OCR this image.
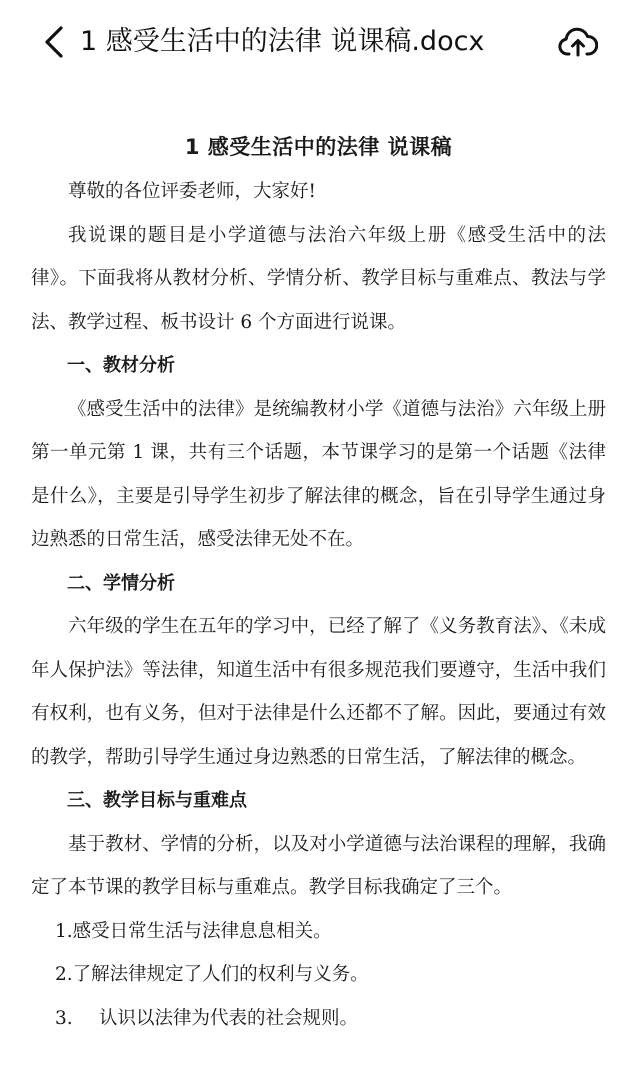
1 感受生活中的法律 说课稿.docx
1 感受生活中的法律 说课稿

尊敬的各位评委老师，大家好!

我说课的题目是小学道德与法治六年级上册《感受生活中的法律》。下面我将从教材分析、学情分析、教学目标与重难点、教法与学法、教学过程、板书设计 6 个方面进行说课。

一、教材分析

《感受生活中的法律》是统编教材小学《道德与法治》六年级上册第一单元第 1 课，共有三个话题，本节课学习的是第一个话题《法律是什么》，主要是引导学生初步了解法律的概念，旨在引导学生通过身边熟悉的日常生活，感受法律无处不在。

二、学情分析

六年级的学生在五年的学习中，已经了解了《义务教育法》、《未成年人保护法》等法律，知道生活中有很多规范我们要遵守，生活中我们有权利，也有义务，但对于法律是什么还都不了解。因此，要通过有效的教学，帮助引导学生通过身边熟悉的日常生活，了解法律的概念。

三、教学目标与重难点

基于教材、学情的分析，以及对小学道德与法治课程的理解，我确定了本节课的教学目标与重难点。教学目标我确定了三个。

1.感受日常生活与法律息息相关。

2.了解法律规定了人们的权利与义务。

3. 认识以法律为代表的社会规则。
